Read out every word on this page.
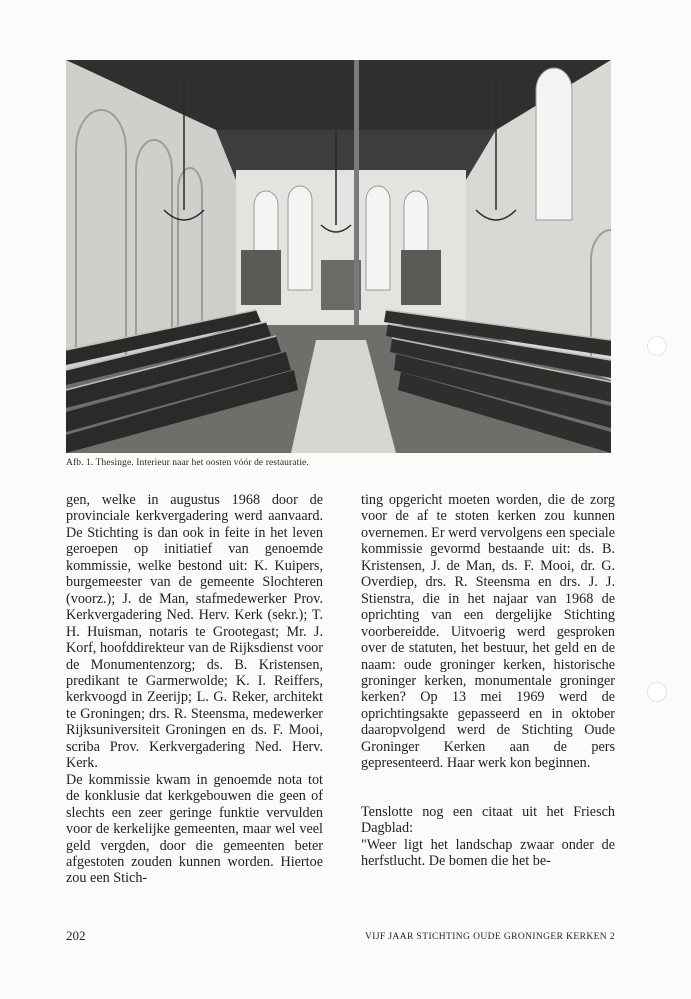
Afb. 1. Thesinge. Interieur naar het oosten vóór de restauratie.

gen, welke in augustus 1968 door de provinciale kerkvergadering werd aanvaard. De Stichting is dan ook in feite in het leven geroepen op initiatief van genoemde kommissie, welke bestond uit: K. Kuipers, burgemeester van de gemeente Slochteren (voorz.); J. de Man, stafmedewerker Prov. Kerkvergadering Ned. Herv. Kerk (sekr.); T. H. Huisman, notaris te Grootegast; Mr. J. Korf, hoofddirekteur van de Rijksdienst voor de Monumentenzorg; ds. B. Kristensen, predikant te Garmerwolde; K. I. Reiffers, kerkvoogd in Zeerijp; L. G. Reker, architekt te Groningen; drs. R. Steensma, medewerker Rijksuniversiteit Groningen en ds. F. Mooi, scriba Prov. Kerkvergadering Ned. Herv. Kerk.

De kommissie kwam in genoemde nota tot de konklusie dat kerkgebouwen die geen of slechts een zeer geringe funktie vervulden voor de kerkelijke gemeenten, maar wel veel geld vergden, door die gemeenten beter afgestoten zouden kunnen worden. Hiertoe zou een Stich-

ting opgericht moeten worden, die de zorg voor de af te stoten kerken zou kunnen overnemen. Er werd vervolgens een speciale kommissie gevormd bestaande uit: ds. B. Kristensen, J. de Man, ds. F. Mooi, dr. G. Overdiep, drs. R. Steensma en drs. J. J. Stienstra, die in het najaar van 1968 de oprichting van een dergelijke Stichting voorbereidde. Uitvoerig werd gesproken over de statuten, het bestuur, het geld en de naam: oude groninger kerken, historische groninger kerken, monumentale groninger kerken? Op 13 mei 1969 werd de oprichtingsakte gepasseerd en in oktober daaropvolgend werd de Stichting Oude Groninger Kerken aan de pers gepresenteerd. Haar werk kon beginnen.

Tenslotte nog een citaat uit het Friesch Dagblad:

"Weer ligt het landschap zwaar onder de herfstlucht. De bomen die het be-

202	VIJF JAAR STICHTING OUDE GRONINGER KERKEN 2
